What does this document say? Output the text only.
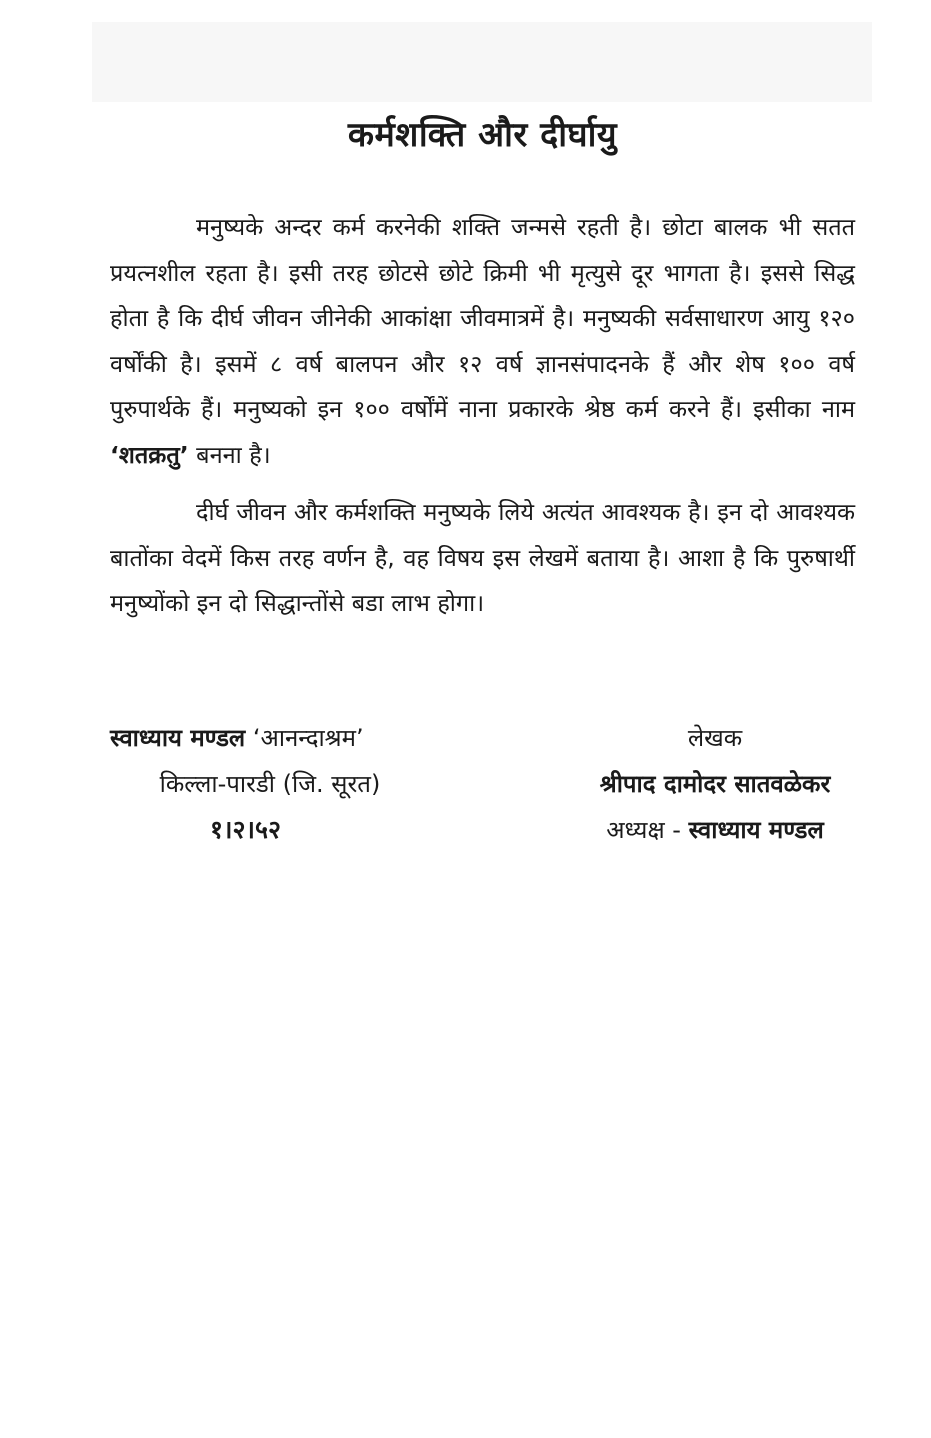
कर्मशक्ति और दीर्घायु

मनुष्यके अन्दर कर्म करनेकी शक्ति जन्मसे रहती है। छोटा बालक भी सतत प्रयत्नशील रहता है। इसी तरह छोटसे छोटे क्रिमी भी मृत्युसे दूर भागता है। इससे सिद्ध होता है कि दीर्घ जीवन जीनेकी आकांक्षा जीवमात्रमें है। मनुष्यकी सर्वसाधारण आयु १२० वर्षोंकी है। इसमें ८ वर्ष बालपन और १२ वर्ष ज्ञानसंपादनके हैं और शेष १०० वर्ष पुरुपार्थके हैं। मनुष्यको इन १०० वर्षोंमें नाना प्रकारके श्रेष्ठ कर्म करने हैं। इसीका नाम ‘शतक्रतु’ बनना है।

दीर्घ जीवन और कर्मशक्ति मनुष्यके लिये अत्यंत आवश्यक है। इन दो आवश्यक बातोंका वेदमें किस तरह वर्णन है, वह विषय इस लेखमें बताया है। आशा है कि पुरुषार्थी मनुष्योंको इन दो सिद्धान्तोंसे बडा लाभ होगा।

स्वाध्याय मण्डल ‘आनन्दाश्रम’
किल्ला-पारडी (जि. सूरत)
१।२।५२
लेखक
श्रीपाद दामोदर सातवळेकर
अध्यक्ष - स्वाध्याय मण्डल
